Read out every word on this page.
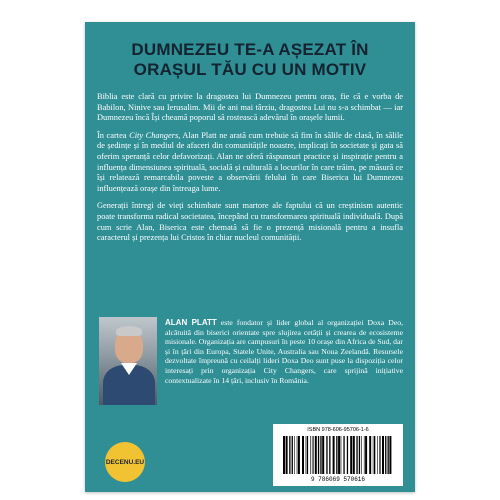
DUMNEZEU TE-A AȘEZAT ÎN ORAȘUL TĂU CU UN MOTIV

Biblia este clară cu privire la dragostea lui Dumnezeu pentru oraș, fie că e vorba de Babilon, Ninive sau Ierusalim. Mii de ani mai târziu, dragostea Lui nu s-a schimbat — iar Dumnezeu încă Își cheamă poporul să rostească adevărul în orașele lumii.

În cartea City Changers, Alan Platt ne arată cum trebuie să fim în sălile de clasă, în sălile de ședințe și în mediul de afaceri din comunitățile noastre, implicați în societate și gata să oferim speranță celor defavorizați. Alan ne oferă răspunsuri practice și inspirație pentru a influența dimensiunea spirituală, socială și culturală a locurilor în care trăim, pe măsură ce își relatează remarcabila poveste a observării felului în care Biserica lui Dumnezeu influențează orașe din întreaga lume.

Generații întregi de vieți schimbate sunt martore ale faptului că un creștinism autentic poate transforma radical societatea, începând cu transformarea spirituală individuală. După cum scrie Alan, Biserica este chemată să fie o prezență misională pentru a insufla caracterul și prezența lui Cristos în chiar nucleul comunității.

ALAN PLATT este fondator și lider global al organizației Doxa Deo, alcătuită din biserici orientate spre slujirea cetății și crearea de ecosisteme misionale. Organizația are campusuri în peste 10 orașe din Africa de Sud, dar și în țări din Europa, Statele Unite, Australia sau Noua Zeelandă. Resursele dezvoltate împreună cu ceilalți lideri Doxa Deo sunt puse la dispoziția celor interesați prin organizația City Changers, care sprijină inițiative contextualizate în 14 țări, inclusiv în România.
DECENU.EU
ISBN 978-606-95706-1-6
9 786069 570616
